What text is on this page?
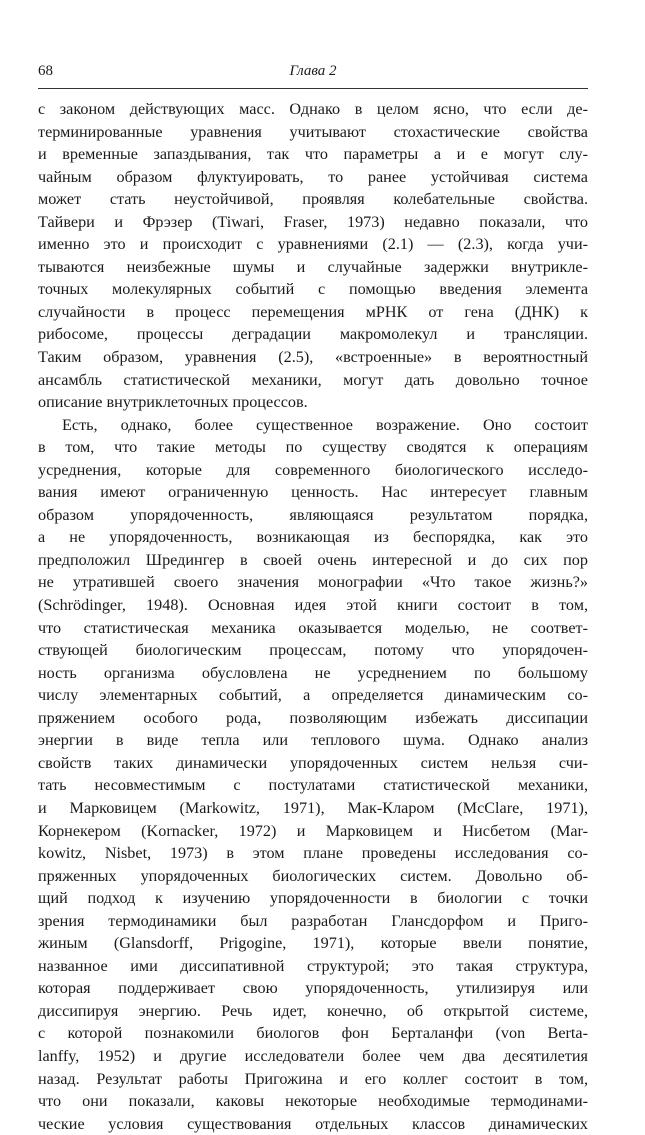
68	Глава 2
с законом действующих масс. Однако в целом ясно, что если де-
терминированные уравнения учитывают стохастические свойства
и временные запаздывания, так что параметры a и e могут слу-
чайным образом флуктуировать, то ранее устойчивая система
может стать неустойчивой, проявляя колебательные свойства.
Тайвери и Фрэзер (Tiwari, Fraser, 1973) недавно показали, что
именно это и происходит с уравнениями (2.1) — (2.3), когда учи-
тываются неизбежные шумы и случайные задержки внутрикле-
точных молекулярных событий с помощью введения элемента
случайности в процесс перемещения мРНК от гена (ДНК) к
рибосоме, процессы деградации макромолекул и трансляции.
Таким образом, уравнения (2.5), «встроенные» в вероятностный
ансамбль статистической механики, могут дать довольно точное
описание внутриклеточных процессов.
Есть, однако, более существенное возражение. Оно состоит
в том, что такие методы по существу сводятся к операциям
усреднения, которые для современного биологического исследо-
вания имеют ограниченную ценность. Нас интересует главным
образом упорядоченность, являющаяся результатом порядка,
а не упорядоченность, возникающая из беспорядка, как это
предположил Шредингер в своей очень интересной и до сих пор
не утратившей своего значения монографии «Что такое жизнь?»
(Schrödinger, 1948). Основная идея этой книги состоит в том,
что статистическая механика оказывается моделью, не соответ-
ствующей биологическим процессам, потому что упорядочен-
ность организма обусловлена не усреднением по большому
числу элементарных событий, а определяется динамическим со-
пряжением особого рода, позволяющим избежать диссипации
энергии в виде тепла или теплового шума. Однако анализ
свойств таких динамически упорядоченных систем нельзя счи-
тать несовместимым с постулатами статистической механики,
и Марковицем (Markowitz, 1971), Мак-Кларом (McClare, 1971),
Корнекером (Kornacker, 1972) и Марковицем и Нисбетом (Mar-
kowitz, Nisbet, 1973) в этом плане проведены исследования со-
пряженных упорядоченных биологических систем. Довольно об-
щий подход к изучению упорядоченности в биологии с точки
зрения термодинамики был разработан Глансдорфом и Приго-
жиным (Glansdorff, Prigogine, 1971), которые ввели понятие,
названное ими диссипативной структурой; это такая структура,
которая поддерживает свою упорядоченность, утилизируя или
диссипируя энергию. Речь идет, конечно, об открытой системе,
с которой познакомили биологов фон Берталанфи (von Berta-
lanffy, 1952) и другие исследователи более чем два десятилетия
назад. Результат работы Пригожина и его коллег состоит в том,
что они показали, каковы некоторые необходимые термодинами-
ческие условия существования отдельных классов динамических
